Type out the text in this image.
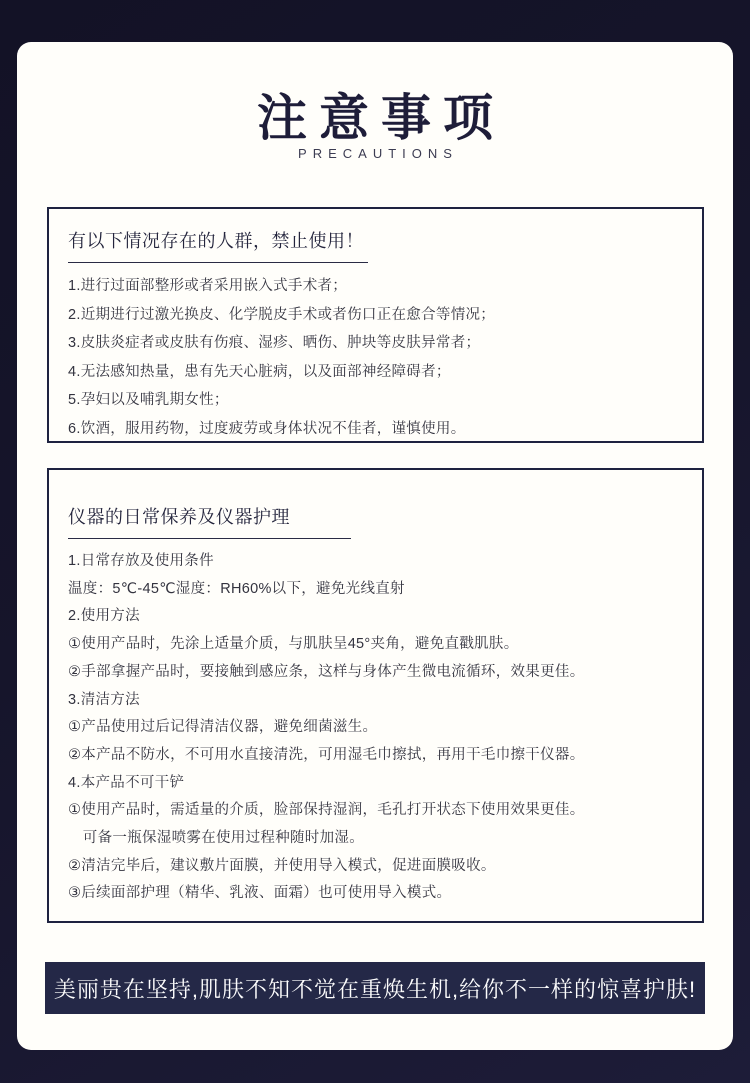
注意事项
PRECAUTIONS
有以下情况存在的人群，禁止使用！
1.进行过面部整形或者采用嵌入式手术者；
2.近期进行过激光换皮、化学脱皮手术或者伤口正在愈合等情况；
3.皮肤炎症者或皮肤有伤痕、湿疹、晒伤、肿块等皮肤异常者；
4.无法感知热量，患有先天心脏病，以及面部神经障碍者；
5.孕妇以及哺乳期女性；
6.饮酒，服用药物，过度疲劳或身体状况不佳者，谨慎使用。
仪器的日常保养及仪器护理
1.日常存放及使用条件
温度：5℃-45℃湿度：RH60%以下，避免光线直射
2.使用方法
①使用产品时，先涂上适量介质，与肌肤呈45°夹角，避免直戳肌肤。
②手部拿握产品时，要接触到感应条，这样与身体产生微电流循环，效果更佳。
3.清洁方法
①产品使用过后记得清洁仪器，避免细菌滋生。
②本产品不防水，不可用水直接清洗，可用湿毛巾擦拭，再用干毛巾擦干仪器。
4.本产品不可干铲
①使用产品时，需适量的介质，脸部保持湿润，毛孔打开状态下使用效果更佳。
　可备一瓶保湿喷雾在使用过程种随时加湿。
②清洁完毕后，建议敷片面膜，并使用导入模式，促进面膜吸收。
③后续面部护理（精华、乳液、面霜）也可使用导入模式。
美丽贵在坚持,肌肤不知不觉在重焕生机,给你不一样的惊喜护肤!
